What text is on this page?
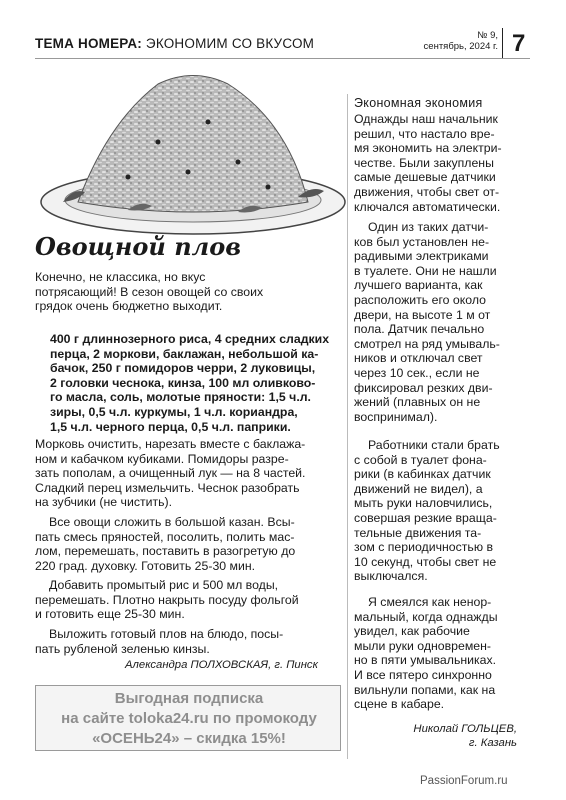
ТЕМА НОМЕРА: ЭКОНОМИМ СО ВКУСОМ
№ 9,
сентябрь, 2024 г. 7
Овощной плов
Конечно, не классика, но вкус
потрясающий! В сезон овощей со своих
грядок очень бюджетно выходит.
400 г длиннозерного риса, 4 средних сладких
перца, 2 моркови, баклажан, небольшой ка-
бачок, 250 г помидоров черри, 2 луковицы,
2 головки чеснока, кинза, 100 мл оливково-
го масла, соль, молотые пряности: 1,5 ч.л.
зиры, 0,5 ч.л. куркумы, 1 ч.л. кориандра,
1,5 ч.л. черного перца, 0,5 ч.л. паприки.
Морковь очистить, нарезать вместе с баклажа-
ном и кабачком кубиками. Помидоры разре-
зать пополам, а очищенный лук — на 8 частей.
Сладкий перец измельчить. Чеснок разобрать
на зубчики (не чистить).
Все овощи сложить в большой казан. Всы-
пать смесь пряностей, посолить, полить мас-
лом, перемешать, поставить в разогретую до
220 град. духовку. Готовить 25-30 мин.
Добавить промытый рис и 500 мл воды,
перемешать. Плотно накрыть посуду фольгой
и готовить еще 25-30 мин.
Выложить готовый плов на блюдо, посы-
пать рубленой зеленью кинзы.
Александра ПОЛХОВСКАЯ, г. Пинск
Выгодная подписка
на сайте toloka24.ru по промокоду
«ОСЕНЬ24» – скидка 15%!
Экономная экономия
Однажды наш начальник
решил, что настало вре-
мя экономить на электри-
честве. Были закуплены
самые дешевые датчики
движения, чтобы свет от-
ключался автоматически.
Один из таких датчи-
ков был установлен не-
радивыми электриками
в туалете. Они не нашли
лучшего варианта, как
расположить его около
двери, на высоте 1 м от
пола. Датчик печально
смотрел на ряд умываль-
ников и отключал свет
через 10 сек., если не
фиксировал резких дви-
жений (плавных он не
воспринимал).
Работники стали брать
с собой в туалет фона-
рики (в кабинках датчик
движений не видел), а
мыть руки наловчились,
совершая резкие враща-
тельные движения та-
зом с периодичностью в
10 секунд, чтобы свет не
выключался.
Я смеялся как ненор-
мальный, когда однажды
увидел, как рабочие
мыли руки одновремен-
но в пяти умывальниках.
И все пятеро синхронно
вильнули попами, как на
сцене в кабаре.
Николай ГОЛЬЦЕВ,
г. Казань
PassionForum.ru
